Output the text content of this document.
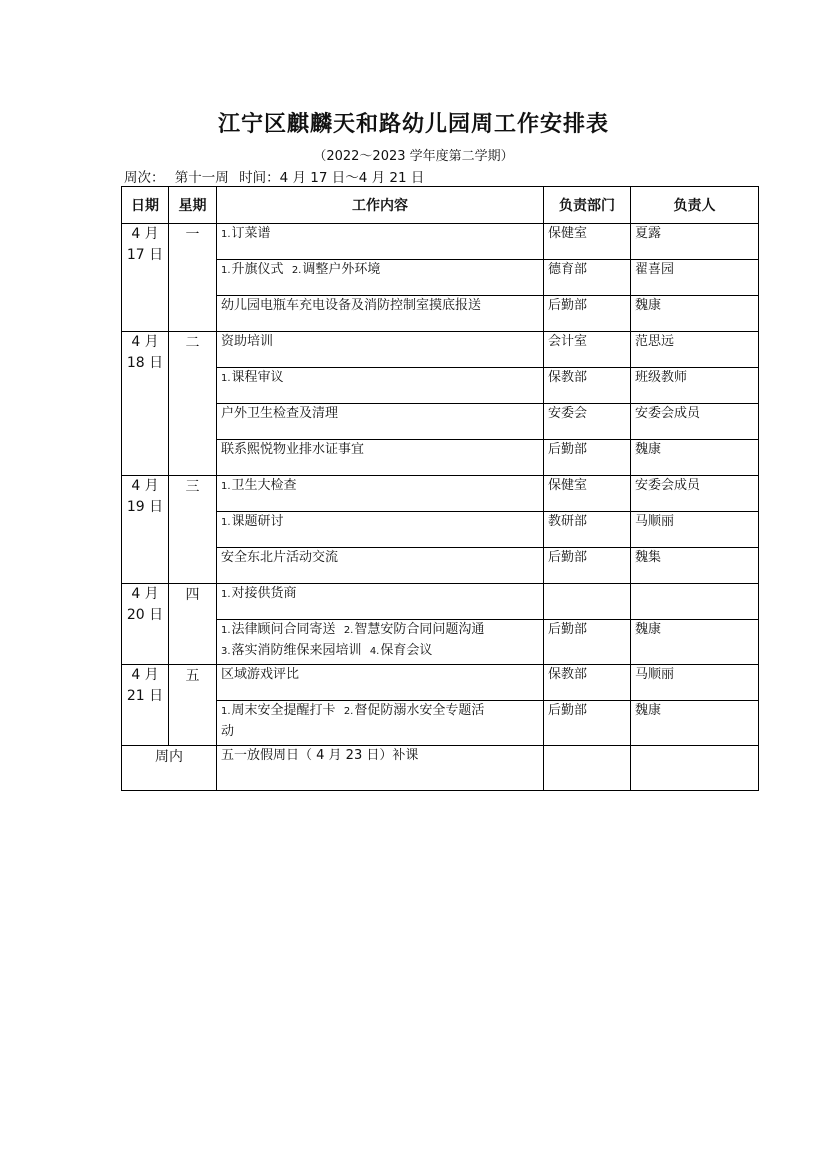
江宁区麒麟天和路幼儿园周工作安排表
（2022～2023 学年度第二学期）
周次： 第十一周 时间：4 月 17 日～4 月 21 日
日期	星期	工作内容	负责部门	负责人

4 月
17 日	一	1.订菜谱	保健室	夏露

		1.升旗仪式  2.调整户外环境	德育部	翟喜园

		幼儿园电瓶车充电设备及消防控制室摸底报送	后勤部	魏康

4 月
18 日	二	资助培训	会计室	范思远

		1.课程审议	保教部	班级教师

		户外卫生检查及清理	安委会	安委会成员

		联系熙悦物业排水证事宜	后勤部	魏康

4 月
19 日	三	1.卫生大检查	保健室	安委会成员

		1.课题研讨	教研部	马顺丽

		安全东北片活动交流	后勤部	魏集

4 月
20 日	四	1.对接供货商		

		1.法律顾问合同寄送  2.智慧安防合同问题沟通
3.落实消防维保来园培训  4.保育会议	后勤部	魏康

4 月
21 日	五	区域游戏评比	保教部	马顺丽

		1.周末安全提醒打卡  2.督促防溺水安全专题活
动	后勤部	魏康
周内		五一放假周日（ 4 月 23 日）补课		
